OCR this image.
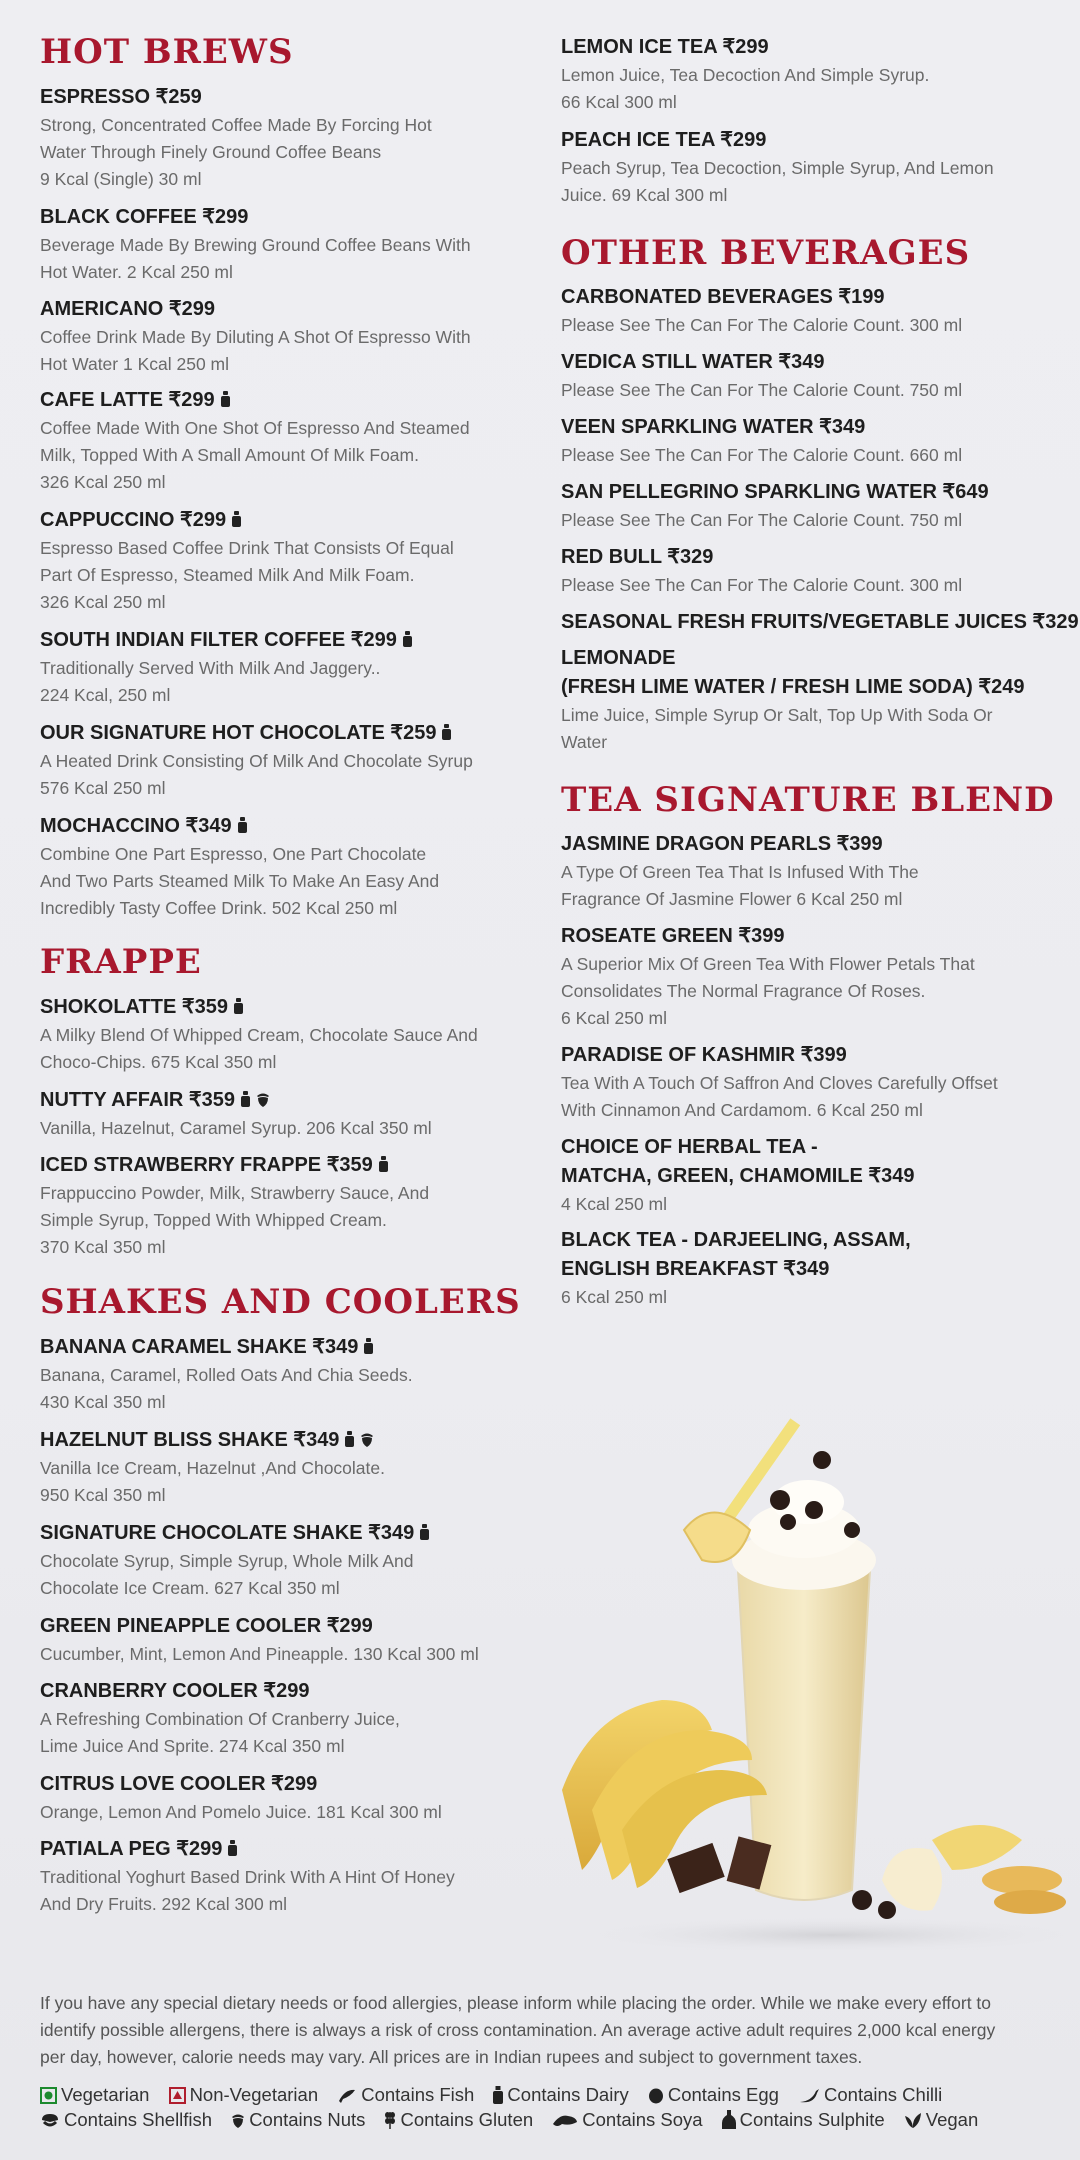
HOT BREWS
ESPRESSO ₹259
Strong, Concentrated Coffee Made By Forcing Hot
Water Through Finely Ground Coffee Beans
9 Kcal (Single) 30 ml
BLACK COFFEE ₹299
Beverage Made By Brewing Ground Coffee Beans With
Hot Water. 2 Kcal 250 ml
AMERICANO ₹299
Coffee Drink Made By Diluting A Shot Of Espresso With
Hot Water 1 Kcal 250 ml
CAFE LATTE ₹299
Coffee Made With One Shot Of Espresso And Steamed
Milk, Topped With A Small Amount Of Milk Foam.
326 Kcal 250 ml
CAPPUCCINO ₹299
Espresso Based Coffee Drink That Consists Of Equal
Part Of Espresso, Steamed Milk And Milk Foam.
326 Kcal 250 ml
SOUTH INDIAN FILTER COFFEE ₹299
Traditionally Served With Milk And Jaggery..
224 Kcal, 250 ml
OUR SIGNATURE HOT CHOCOLATE ₹259
A Heated Drink Consisting Of Milk And Chocolate Syrup
576 Kcal 250 ml
MOCHACCINO ₹349
Combine One Part Espresso, One Part Chocolate
And Two Parts Steamed Milk To Make An Easy And
Incredibly Tasty Coffee Drink. 502 Kcal 250 ml
FRAPPE
SHOKOLATTE ₹359
A Milky Blend Of Whipped Cream, Chocolate Sauce And
Choco-Chips. 675 Kcal 350 ml
NUTTY AFFAIR ₹359
Vanilla, Hazelnut, Caramel Syrup. 206 Kcal 350 ml
ICED STRAWBERRY FRAPPE ₹359
Frappuccino Powder, Milk, Strawberry Sauce, And
Simple Syrup, Topped With Whipped Cream.
370 Kcal 350 ml
SHAKES AND COOLERS
BANANA CARAMEL SHAKE ₹349
Banana, Caramel, Rolled Oats And Chia Seeds.
430 Kcal 350 ml
HAZELNUT BLISS SHAKE ₹349
Vanilla Ice Cream, Hazelnut ,And Chocolate.
950 Kcal 350 ml
SIGNATURE CHOCOLATE SHAKE ₹349
Chocolate Syrup, Simple Syrup, Whole Milk And
Chocolate Ice Cream. 627 Kcal 350 ml
GREEN PINEAPPLE COOLER ₹299
Cucumber, Mint, Lemon And Pineapple. 130 Kcal 300 ml
CRANBERRY COOLER ₹299
A Refreshing Combination Of Cranberry Juice,
Lime Juice And Sprite. 274 Kcal 350 ml
CITRUS LOVE COOLER ₹299
Orange, Lemon And Pomelo Juice. 181 Kcal 300 ml
PATIALA PEG ₹299
Traditional Yoghurt Based Drink With A Hint Of Honey
And Dry Fruits. 292 Kcal 300 ml
LEMON ICE TEA ₹299
Lemon Juice, Tea Decoction And Simple Syrup.
66 Kcal 300 ml
PEACH ICE TEA ₹299
Peach Syrup, Tea Decoction, Simple Syrup, And Lemon
Juice. 69 Kcal 300 ml
OTHER BEVERAGES
CARBONATED BEVERAGES ₹199
Please See The Can For The Calorie Count. 300 ml
VEDICA STILL WATER ₹349
Please See The Can For The Calorie Count. 750 ml
VEEN SPARKLING WATER ₹349
Please See The Can For The Calorie Count. 660 ml
SAN PELLEGRINO SPARKLING WATER ₹649
Please See The Can For The Calorie Count. 750 ml
RED BULL ₹329
Please See The Can For The Calorie Count. 300 ml
SEASONAL FRESH FRUITS/VEGETABLE JUICES ₹329
LEMONADE
(FRESH LIME WATER / FRESH LIME SODA) ₹249
Lime Juice, Simple Syrup Or Salt, Top Up With Soda Or
Water
TEA SIGNATURE BLEND
JASMINE DRAGON PEARLS ₹399
A Type Of Green Tea That Is Infused With The
Fragrance Of Jasmine Flower 6 Kcal 250 ml
ROSEATE GREEN ₹399
A Superior Mix Of Green Tea With Flower Petals That
Consolidates The Normal Fragrance Of Roses.
6 Kcal 250 ml
PARADISE OF KASHMIR ₹399
Tea With A Touch Of Saffron And Cloves Carefully Offset
With Cinnamon And Cardamom. 6 Kcal 250 ml
CHOICE OF HERBAL TEA -
MATCHA, GREEN, CHAMOMILE ₹349
4 Kcal 250 ml
BLACK TEA - DARJEELING, ASSAM,
ENGLISH BREAKFAST ₹349
6 Kcal 250 ml
If you have any special dietary needs or food allergies, please inform while placing the order. While we make every effort to
identify possible allergens, there is always a risk of cross contamination. An average active adult requires 2,000 kcal energy
per day, however, calorie needs may vary. All prices are in Indian rupees and subject to government taxes.
Vegetarian Non-Vegetarian Contains Fish Contains Dairy Contains Egg Contains Chilli
Contains Shellfish Contains Nuts Contains Gluten	Contains Soya Contains Sulphite Vegan
